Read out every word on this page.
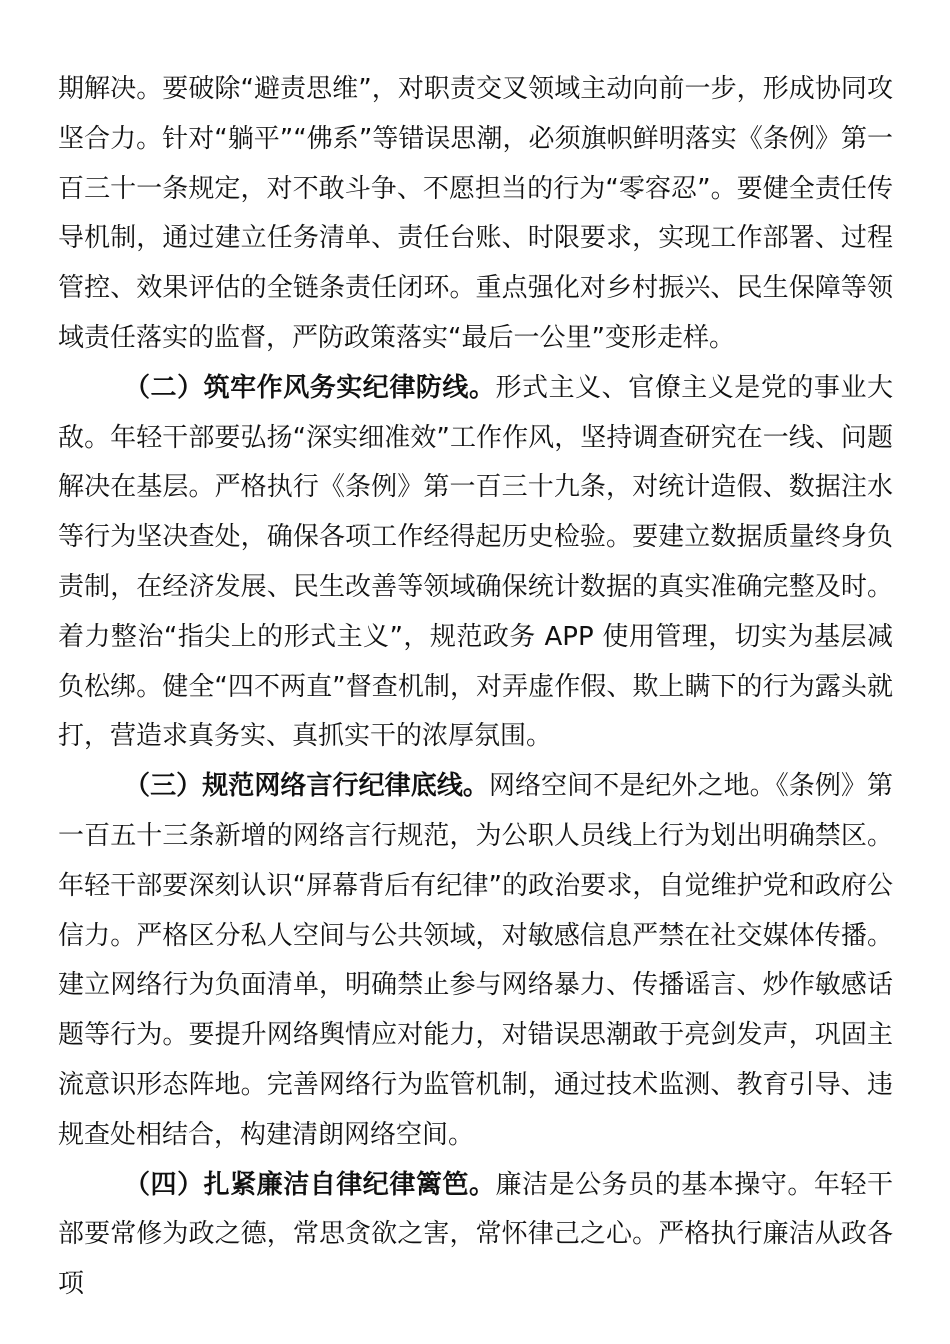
期解决。要破除“避责思维”，对职责交叉领域主动向前一步，形成协同攻坚合力。针对“躺平”“佛系”等错误思潮，必须旗帜鲜明落实《条例》第一百三十一条规定，对不敢斗争、不愿担当的行为“零容忍”。要健全责任传导机制，通过建立任务清单、责任台账、时限要求，实现工作部署、过程管控、效果评估的全链条责任闭环。重点强化对乡村振兴、民生保障等领域责任落实的监督，严防政策落实“最后一公里”变形走样。

（二）筑牢作风务实纪律防线。形式主义、官僚主义是党的事业大敌。年轻干部要弘扬“深实细准效”工作作风，坚持调查研究在一线、问题解决在基层。严格执行《条例》第一百三十九条，对统计造假、数据注水等行为坚决查处，确保各项工作经得起历史检验。要建立数据质量终身负责制，在经济发展、民生改善等领域确保统计数据的真实准确完整及时。着力整治“指尖上的形式主义”，规范政务 APP 使用管理，切实为基层减负松绑。健全“四不两直”督查机制，对弄虚作假、欺上瞒下的行为露头就打，营造求真务实、真抓实干的浓厚氛围。

（三）规范网络言行纪律底线。网络空间不是纪外之地。《条例》第一百五十三条新增的网络言行规范，为公职人员线上行为划出明确禁区。年轻干部要深刻认识“屏幕背后有纪律”的政治要求，自觉维护党和政府公信力。严格区分私人空间与公共领域，对敏感信息严禁在社交媒体传播。建立网络行为负面清单，明确禁止参与网络暴力、传播谣言、炒作敏感话题等行为。要提升网络舆情应对能力，对错误思潮敢于亮剑发声，巩固主流意识形态阵地。完善网络行为监管机制，通过技术监测、教育引导、违规查处相结合，构建清朗网络空间。

（四）扎紧廉洁自律纪律篱笆。廉洁是公务员的基本操守。年轻干部要常修为政之德，常思贪欲之害，常怀律己之心。严格执行廉洁从政各项
